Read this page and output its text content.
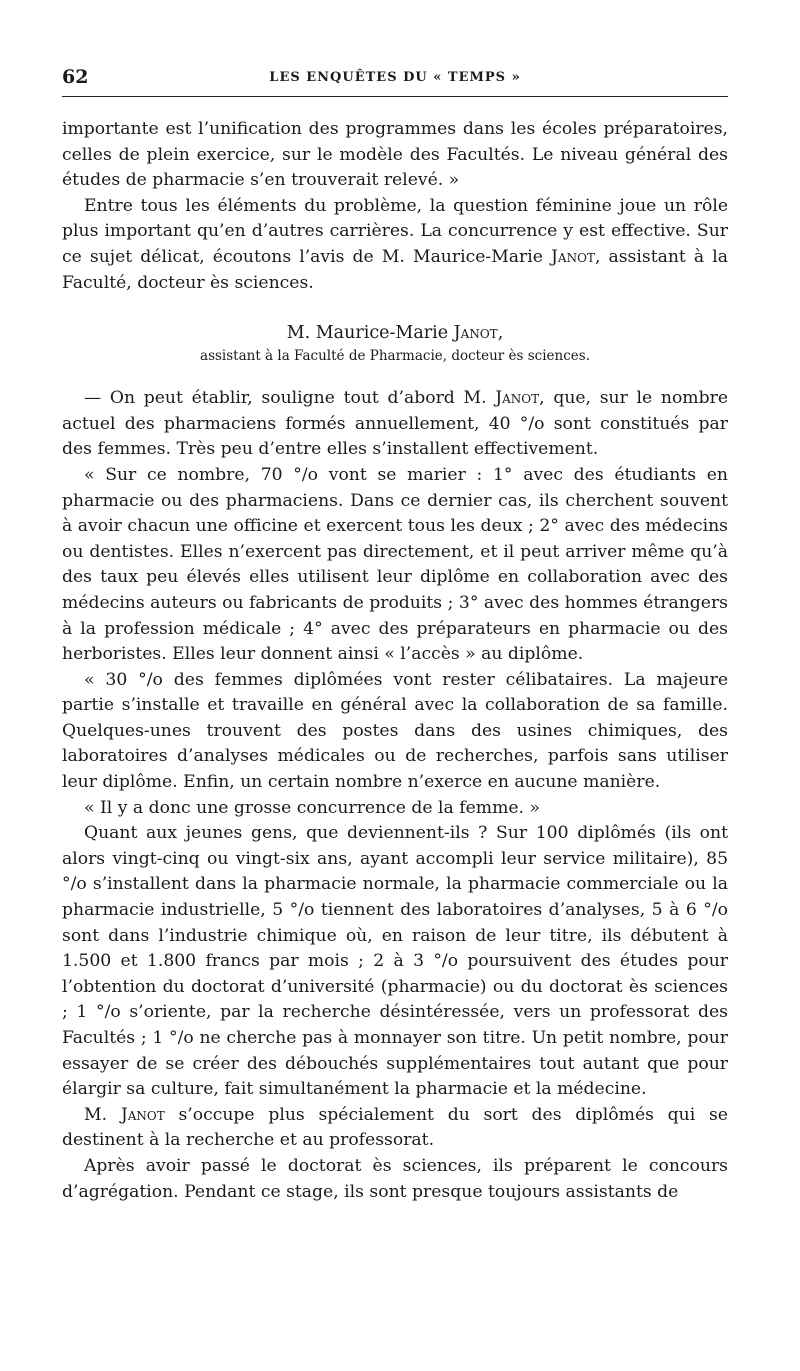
62	LES ENQUÊTES DU « TEMPS »

importante est l’unification des programmes dans les écoles préparatoires, celles de plein exercice, sur le modèle des Facultés. Le niveau général des études de pharmacie s’en trouverait relevé. »

Entre tous les éléments du problème, la question féminine joue un rôle plus important qu’en d’autres carrières. La concurrence y est effective. Sur ce sujet délicat, écoutons l’avis de M. Maurice-Marie Janot, assistant à la Faculté, docteur ès sciences.

M. Maurice-Marie Janot,
assistant à la Faculté de Pharmacie, docteur ès sciences.

— On peut établir, souligne tout d’abord M. Janot, que, sur le nombre actuel des pharmaciens formés annuellement, 40 °/o sont constitués par des femmes. Très peu d’entre elles s’installent effectivement.

« Sur ce nombre, 70 °/o vont se marier : 1° avec des étudiants en pharmacie ou des pharmaciens. Dans ce dernier cas, ils cherchent souvent à avoir chacun une officine et exercent tous les deux ; 2° avec des médecins ou dentistes. Elles n’exercent pas directement, et il peut arriver même qu’à des taux peu élevés elles utilisent leur diplôme en collaboration avec des médecins auteurs ou fabricants de produits ; 3° avec des hommes étrangers à la profession médicale ; 4° avec des préparateurs en pharmacie ou des herboristes. Elles leur donnent ainsi « l’accès » au diplôme.

« 30 °/o des femmes diplômées vont rester célibataires. La majeure partie s’installe et travaille en général avec la collaboration de sa famille. Quelques-unes trouvent des postes dans des usines chimiques, des laboratoires d’analyses médicales ou de recherches, parfois sans utiliser leur diplôme. Enfin, un certain nombre n’exerce en aucune manière.

« Il y a donc une grosse concurrence de la femme. »

Quant aux jeunes gens, que deviennent-ils ? Sur 100 diplômés (ils ont alors vingt-cinq ou vingt-six ans, ayant accompli leur service militaire), 85 °/o s’installent dans la pharmacie normale, la pharmacie commerciale ou la pharmacie industrielle, 5 °/o tiennent des laboratoires d’analyses, 5 à 6 °/o sont dans l’industrie chimique où, en raison de leur titre, ils débutent à 1.500 et 1.800 francs par mois ; 2 à 3 °/o poursuivent des études pour l’obtention du doctorat d’université (pharmacie) ou du doctorat ès sciences ; 1 °/o s’oriente, par la recherche désintéressée, vers un professorat des Facultés ; 1 °/o ne cherche pas à monnayer son titre. Un petit nombre, pour essayer de se créer des débouchés supplémentaires tout autant que pour élargir sa culture, fait simultanément la pharmacie et la médecine.

M. Janot s’occupe plus spécialement du sort des diplômés qui se destinent à la recherche et au professorat.

Après avoir passé le doctorat ès sciences, ils préparent le concours d’agrégation. Pendant ce stage, ils sont presque toujours assistants de
